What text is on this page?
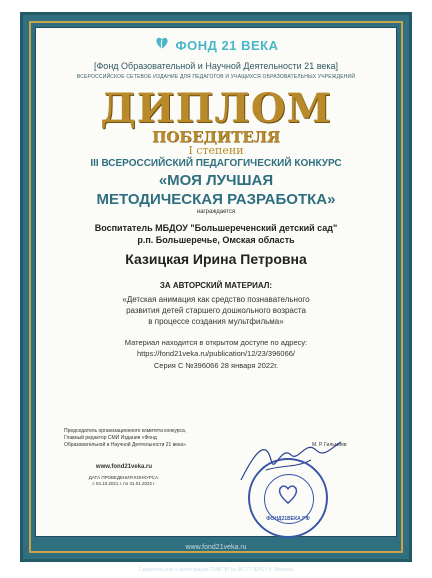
ФОНД 21 ВЕКА
[Фонд Образовательной и Научной Деятельности 21 века]
ВСЕРОССИЙСКОЕ СЕТЕВОЕ ИЗДАНИЕ ДЛЯ ПЕДАГОГОВ И УЧАЩИХСЯ ОБРАЗОВАТЕЛЬНЫХ УЧРЕЖДЕНИЙ
ДИПЛОМ
ПОБЕДИТЕЛЯ
I степени
III ВСЕРОССИЙСКИЙ ПЕДАГОГИЧЕСКИЙ КОНКУРС
«МОЯ ЛУЧШАЯ
МЕТОДИЧЕСКАЯ РАЗРАБОТКА»
награждается
Воспитатель МБДОУ "Большереченский детский сад"
р.п. Большеречье, Омская область
Казицкая Ирина Петровна
ЗА АВТОРСКИЙ МАТЕРИАЛ:
«Детская анимация как средство познавательного
развития детей старшего дошкольного возраста
в процессе создания мультфильма»
Материал находится в открытом доступе по адресу:
https://fond21veka.ru/publication/12/23/396066/
Серия С №396066 28 января 2022г.
Председатель организационного комитета конкурса,
Главный редактор СМИ Издания «Фонд
Образовательной и Научной Деятельности 21 века»
www.fond21veka.ru
ДАТА ПРОВЕДЕНИЯ КОНКУРСА:
с 04.10.2021 г. по 31.01.2022 г.
М. Р. Гильмиев
ФОНД21ВЕКА.РФ
www.fond21veka.ru
Свидетельство о регистрации СМИ ЭЛ № ФС 77-82417 (г. Москва)
